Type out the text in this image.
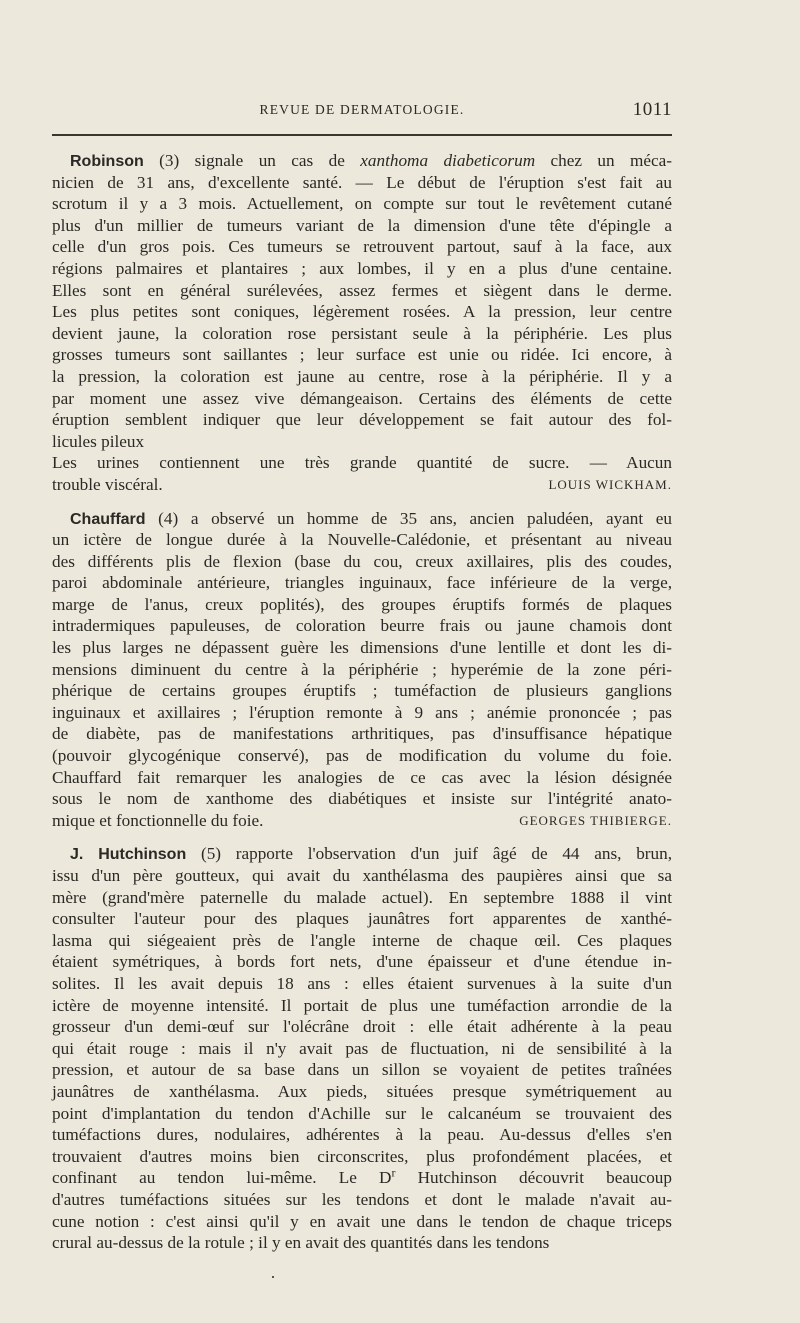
REVUE DE DERMATOLOGIE.	1011
Robinson (3) signale un cas de xanthoma diabeticorum chez un méca-
nicien de 31 ans, d'excellente santé. — Le début de l'éruption s'est fait au
scrotum il y a 3 mois. Actuellement, on compte sur tout le revêtement cutané
plus d'un millier de tumeurs variant de la dimension d'une tête d'épingle a
celle d'un gros pois. Ces tumeurs se retrouvent partout, sauf à la face, aux
régions palmaires et plantaires ; aux lombes, il y en a plus d'une centaine.
Elles sont en général surélevées, assez fermes et siègent dans le derme.
Les plus petites sont coniques, légèrement rosées. A la pression, leur centre
devient jaune, la coloration rose persistant seule à la périphérie. Les plus
grosses tumeurs sont saillantes ; leur surface est unie ou ridée. Ici encore, à
la pression, la coloration est jaune au centre, rose à la périphérie. Il y a
par moment une assez vive démangeaison. Certains des éléments de cette
éruption semblent indiquer que leur développement se fait autour des fol-
licules pileux
Les urines contiennent une très grande quantité de sucre. — Aucun
trouble viscéral.	LOUIS WICKHAM.
Chauffard (4) a observé un homme de 35 ans, ancien paludéen, ayant eu
un ictère de longue durée à la Nouvelle-Calédonie, et présentant au niveau
des différents plis de flexion (base du cou, creux axillaires, plis des coudes,
paroi abdominale antérieure, triangles inguinaux, face inférieure de la verge,
marge de l'anus, creux poplités), des groupes éruptifs formés de plaques
intradermiques papuleuses, de coloration beurre frais ou jaune chamois dont
les plus larges ne dépassent guère les dimensions d'une lentille et dont les di-
mensions diminuent du centre à la périphérie ; hyperémie de la zone péri-
phérique de certains groupes éruptifs ; tuméfaction de plusieurs ganglions
inguinaux et axillaires ; l'éruption remonte à 9 ans ; anémie prononcée ; pas
de diabète, pas de manifestations arthritiques, pas d'insuffisance hépatique
(pouvoir glycogénique conservé), pas de modification du volume du foie.
Chauffard fait remarquer les analogies de ce cas avec la lésion désignée
sous le nom de xanthome des diabétiques et insiste sur l'intégrité anato-
mique et fonctionnelle du foie.	GEORGES THIBIERGE.
J. Hutchinson (5) rapporte l'observation d'un juif âgé de 44 ans, brun,
issu d'un père goutteux, qui avait du xanthélasma des paupières ainsi que sa
mère (grand'mère paternelle du malade actuel). En septembre 1888 il vint
consulter l'auteur pour des plaques jaunâtres fort apparentes de xanthé-
lasma qui siégeaient près de l'angle interne de chaque œil. Ces plaques
étaient symétriques, à bords fort nets, d'une épaisseur et d'une étendue in-
solites. Il les avait depuis 18 ans : elles étaient survenues à la suite d'un
ictère de moyenne intensité. Il portait de plus une tuméfaction arrondie de la
grosseur d'un demi-œuf sur l'olécrâne droit : elle était adhérente à la peau
qui était rouge : mais il n'y avait pas de fluctuation, ni de sensibilité à la
pression, et autour de sa base dans un sillon se voyaient de petites traînées
jaunâtres de xanthélasma. Aux pieds, situées presque symétriquement au
point d'implantation du tendon d'Achille sur le calcanéum se trouvaient des
tuméfactions dures, nodulaires, adhérentes à la peau. Au-dessus d'elles s'en
trouvaient d'autres moins bien circonscrites, plus profondément placées, et
confinant au tendon lui-même. Le $D^r$ Hutchinson découvrit beaucoup
d'autres tuméfactions situées sur les tendons et dont le malade n'avait au-
cune notion : c'est ainsi qu'il y en avait une dans le tendon de chaque triceps
crural au-dessus de la rotule ; il y en avait des quantités dans les tendons
